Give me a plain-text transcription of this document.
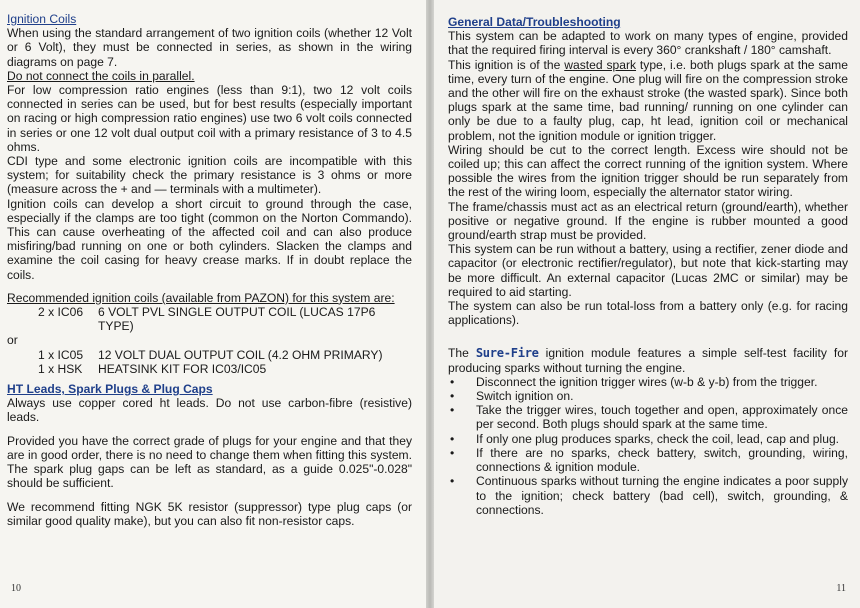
Ignition Coils

When using the standard arrangement of two ignition coils (whether 12 Volt or 6 Volt), they must be connected in series, as shown in the wiring diagrams on page 7.

Do not connect the coils in parallel.

For low compression ratio engines (less than 9:1), two 12 volt coils connected in series can be used, but for best results (especially important on racing or high compression ratio engines) use two 6 volt coils connected in series or one 12 volt dual output coil with a primary resistance of 3 to 4.5 ohms.

CDI type and some electronic ignition coils are incompatible with this system; for suitability check the primary resistance is 3 ohms or more (measure across the + and — terminals with a multimeter).

Ignition coils can develop a short circuit to ground through the case, especially if the clamps are too tight (common on the Norton Commando). This can cause overheating of the affected coil and can also produce misfiring/bad running on one or both cylinders. Slacken the clamps and examine the coil casing for heavy crease marks. If in doubt replace the coils.

Recommended ignition coils (available from PAZON) for this system are:

2 x IC06	6 VOLT PVL SINGLE OUTPUT COIL (LUCAS 17P6 TYPE)

or

1 x IC05	12 VOLT DUAL OUTPUT COIL (4.2 OHM PRIMARY)
1 x HSK	HEATSINK KIT FOR IC03/IC05
HT Leads, Spark Plugs & Plug Caps

Always use copper cored ht leads. Do not use carbon-fibre (resistive) leads.

Provided you have the correct grade of plugs for your engine and that they are in good order, there is no need to change them when fitting this system. The spark plug gaps can be left as standard, as a guide 0.025"-0.028" should be sufficient.

We recommend fitting NGK 5K resistor (suppressor) type plug caps (or similar good quality make), but you can also fit non-resistor caps.

10
General Data/Troubleshooting

This system can be adapted to work on many types of engine, provided that the required firing interval is every 360° crankshaft / 180° camshaft.

This ignition is of the wasted spark type, i.e. both plugs spark at the same time, every turn of the engine. One plug will fire on the compression stroke and the other will fire on the exhaust stroke (the wasted spark). Since both plugs spark at the same time, bad running/ running on one cylinder can only be due to a faulty plug, cap, ht lead, ignition coil or mechanical problem, not the ignition module or ignition trigger.

Wiring should be cut to the correct length. Excess wire should not be coiled up; this can affect the correct running of the ignition system. Where possible the wires from the ignition trigger should be run separately from the rest of the wiring loom, especially the alternator stator wiring.

The frame/chassis must act as an electrical return (ground/earth), whether positive or negative ground. If the engine is rubber mounted a good ground/earth strap must be provided.

This system can be run without a battery, using a rectifier, zener diode and capacitor (or electronic rectifier/regulator), but note that kick-starting may be more difficult. An external capacitor (Lucas 2MC or similar) may be required to aid starting.

The system can also be run total-loss from a battery only (e.g. for racing applications).

The Sure-Fire ignition module features a simple self-test facility for producing sparks without turning the engine.

•	Disconnect the ignition trigger wires (w-b & y-b) from the trigger.
•	Switch ignition on.
•	Take the trigger wires, touch together and open, approximately once per second. Both plugs should spark at the same time.
•	If only one plug produces sparks, check the coil, lead, cap and plug.
•	If there are no sparks, check battery, switch, grounding, wiring, connections & ignition module.
•	Continuous sparks without turning the engine indicates a poor supply to the ignition; check battery (bad cell), switch, grounding, & connections.
11
